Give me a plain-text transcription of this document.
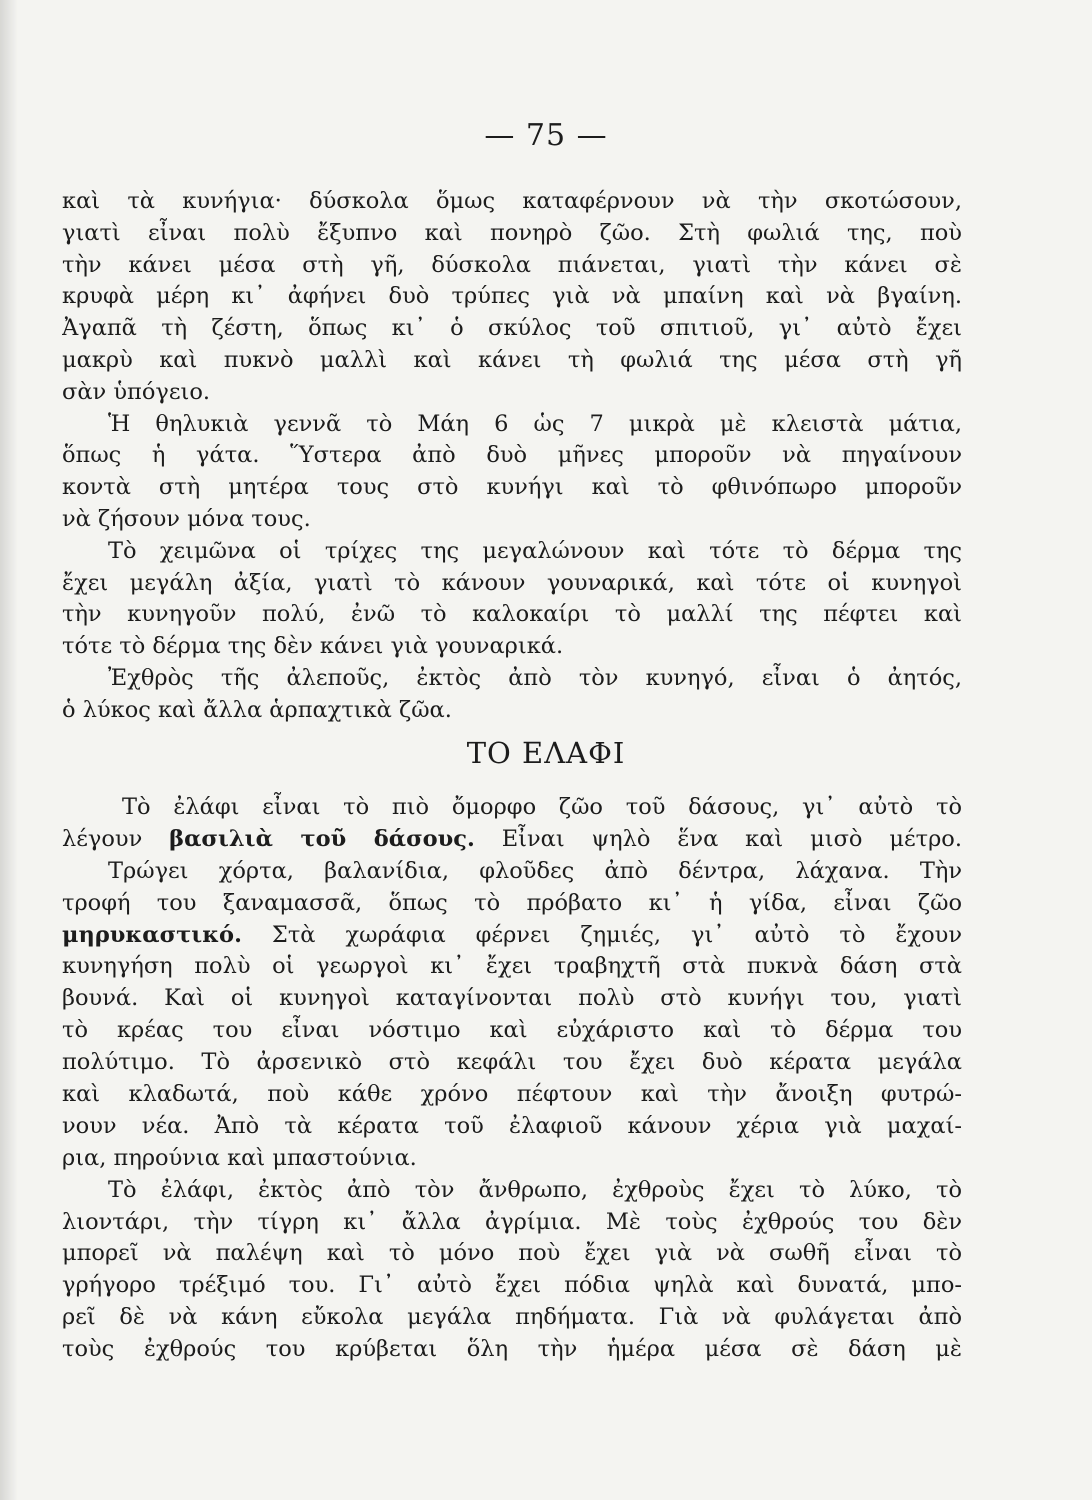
— 75 —
καὶ τὰ κυνήγια· δύσκολα ὅμως καταφέρνουν νὰ τὴν σκοτώσουν,
γιατὶ εἶναι πολὺ ἔξυπνο καὶ πονηρὸ ζῶο. Στὴ φωλιά της, ποὺ
τὴν κάνει μέσα στὴ γῆ, δύσκολα πιάνεται, γιατὶ τὴν κάνει σὲ
κρυφὰ μέρη κι᾽ ἀφήνει δυὸ τρύπες γιὰ νὰ μπαίνη καὶ νὰ βγαίνη.
Ἀγαπᾶ τὴ ζέστη, ὅπως κι᾽ ὁ σκύλος τοῦ σπιτιοῦ, γι᾽ αὐτὸ ἔχει
μακρὺ καὶ πυκνὸ μαλλὶ καὶ κάνει τὴ φωλιά της μέσα στὴ γῆ
σὰν ὑπόγειο.
Ἡ θηλυκιὰ γεννᾶ τὸ Μάη 6 ὡς 7 μικρὰ μὲ κλειστὰ μάτια,
ὅπως ἡ γάτα. Ὕστερα ἀπὸ δυὸ μῆνες μποροῦν νὰ πηγαίνουν
κοντὰ στὴ μητέρα τους στὸ κυνήγι καὶ τὸ φθινόπωρο μποροῦν
νὰ ζήσουν μόνα τους.
Τὸ χειμῶνα οἱ τρίχες της μεγαλώνουν καὶ τότε τὸ δέρμα της
ἔχει μεγάλη ἀξία, γιατὶ τὸ κάνουν γουναρικά, καὶ τότε οἱ κυνηγοὶ
τὴν κυνηγοῦν πολύ, ἐνῶ τὸ καλοκαίρι τὸ μαλλί της πέφτει καὶ
τότε τὸ δέρμα της δὲν κάνει γιὰ γουναρικά.
Ἐχθρὸς τῆς ἀλεποῦς, ἐκτὸς ἀπὸ τὸν κυνηγό, εἶναι ὁ ἀητός,
ὁ λύκος καὶ ἄλλα ἁρπαχτικὰ ζῶα.
ΤΟ ΕΛΑΦΙ
Τὸ ἐλάφι εἶναι τὸ πιὸ ὄμορφο ζῶο τοῦ δάσους, γι᾽ αὐτὸ τὸ
λέγουν βασιλιὰ τοῦ δάσους. Εἶναι ψηλὸ ἕνα καὶ μισὸ μέτρο.
Τρώγει χόρτα, βαλανίδια, φλοῦδες ἀπὸ δέντρα, λάχανα. Τὴν
τροφή του ξαναμασσᾶ, ὅπως τὸ πρόβατο κι᾽ ἡ γίδα, εἶναι ζῶο
μηρυκαστικό. Στὰ χωράφια φέρνει ζημιές, γι᾽ αὐτὸ τὸ ἔχουν
κυνηγήση πολὺ οἱ γεωργοὶ κι᾽ ἔχει τραβηχτῆ στὰ πυκνὰ δάση στὰ
βουνά. Καὶ οἱ κυνηγοὶ καταγίνονται πολὺ στὸ κυνήγι του, γιατὶ
τὸ κρέας του εἶναι νόστιμο καὶ εὐχάριστο καὶ τὸ δέρμα του
πολύτιμο. Τὸ ἀρσενικὸ στὸ κεφάλι του ἔχει δυὸ κέρατα μεγάλα
καὶ κλαδωτά, ποὺ κάθε χρόνο πέφτουν καὶ τὴν ἄνοιξη φυτρώ-
νουν νέα. Ἀπὸ τὰ κέρατα τοῦ ἐλαφιοῦ κάνουν χέρια γιὰ μαχαί-
ρια, πηρούνια καὶ μπαστούνια.
Τὸ ἐλάφι, ἐκτὸς ἀπὸ τὸν ἄνθρωπο, ἐχθροὺς ἔχει τὸ λύκο, τὸ
λιοντάρι, τὴν τίγρη κι᾽ ἄλλα ἀγρίμια. Μὲ τοὺς ἐχθρούς του δὲν
μπορεῖ νὰ παλέψη καὶ τὸ μόνο ποὺ ἔχει γιὰ νὰ σωθῆ εἶναι τὸ
γρήγορο τρέξιμό του. Γι᾽ αὐτὸ ἔχει πόδια ψηλὰ καὶ δυνατά, μπο-
ρεῖ δὲ νὰ κάνη εὔκολα μεγάλα πηδήματα. Γιὰ νὰ φυλάγεται ἀπὸ
τοὺς ἐχθρούς του κρύβεται ὅλη τὴν ἡμέρα μέσα σὲ δάση μὲ
